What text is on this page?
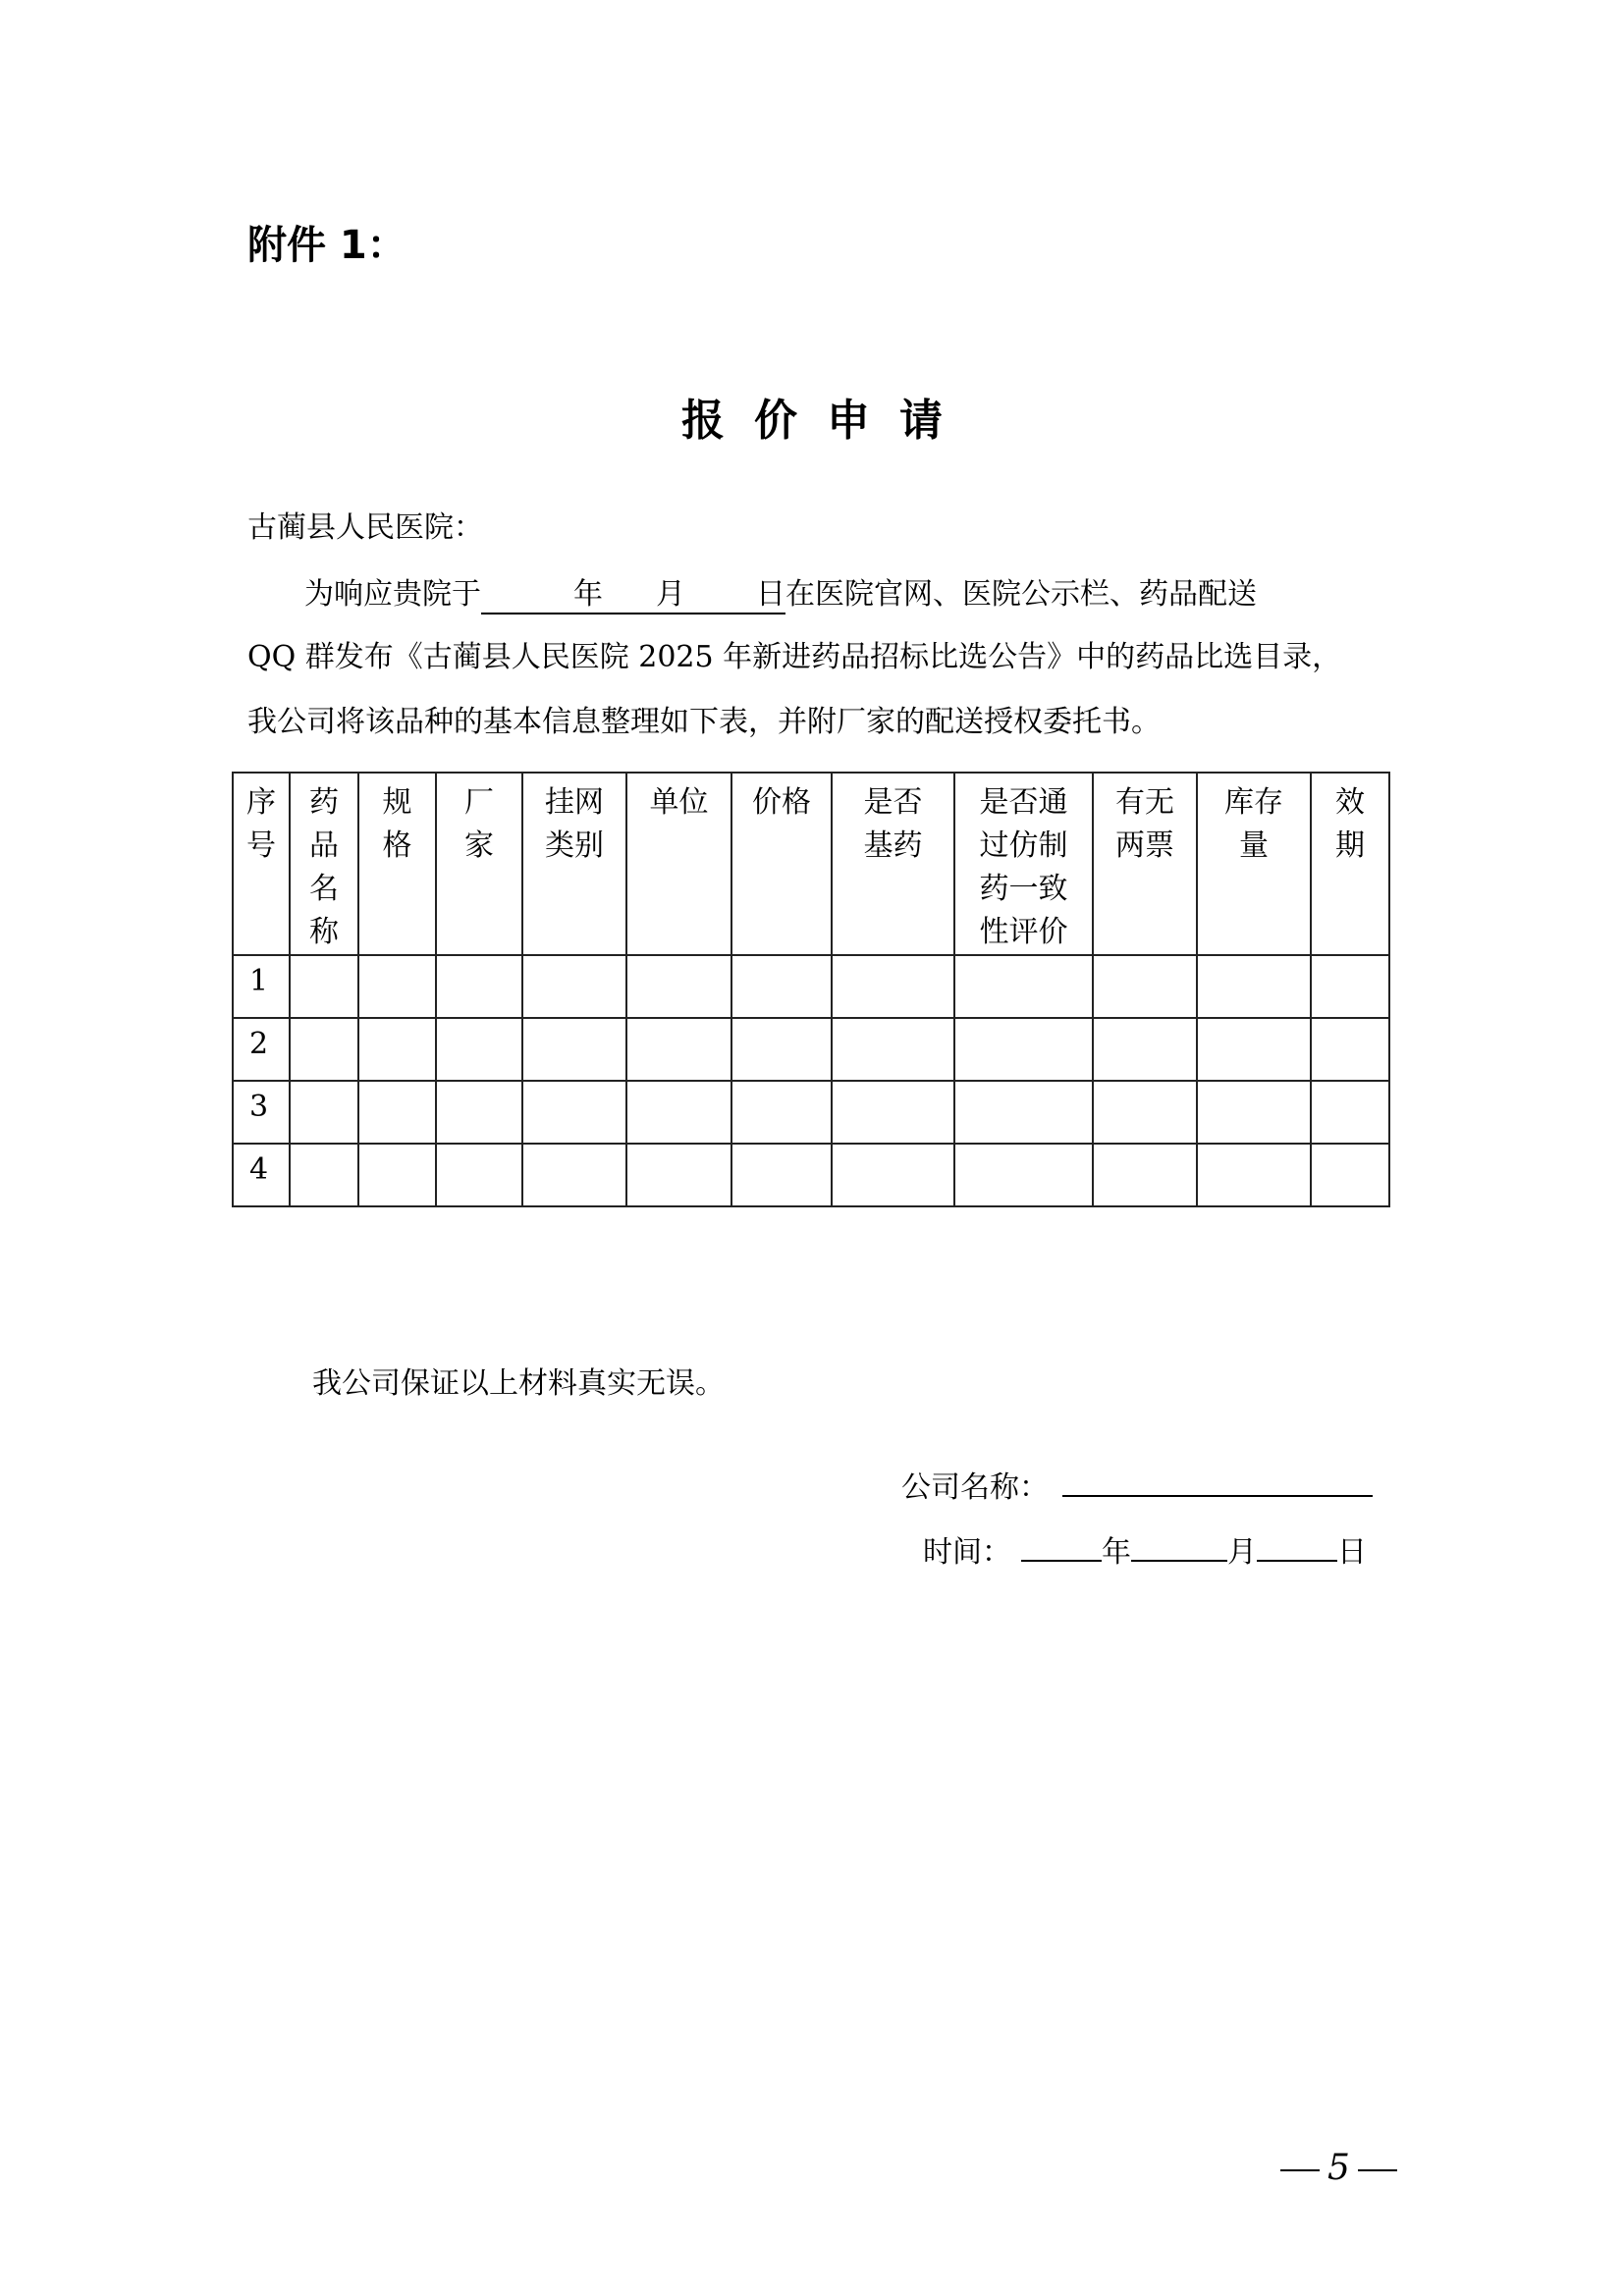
附件 1：
报价申请
古蔺县人民医院：
为响应贵院于	年 月 日在医院官网、医院公示栏、药品配送
QQ 群发布《古蔺县人民医院 2025 年新进药品招标比选公告》中的药品比选目录，
我公司将该品种的基本信息整理如下表，并附厂家的配送授权委托书。
序
号	药
品
名
称	规
格	厂
家	挂网
类别	单位	价格	是否
基药	是否通
过仿制
药一致
性评价	有无
两票	库存
量	效
期

1											
2											
3											
4											
我公司保证以上材料真实无误。
公司名称：
时间：	年	月	日
5
